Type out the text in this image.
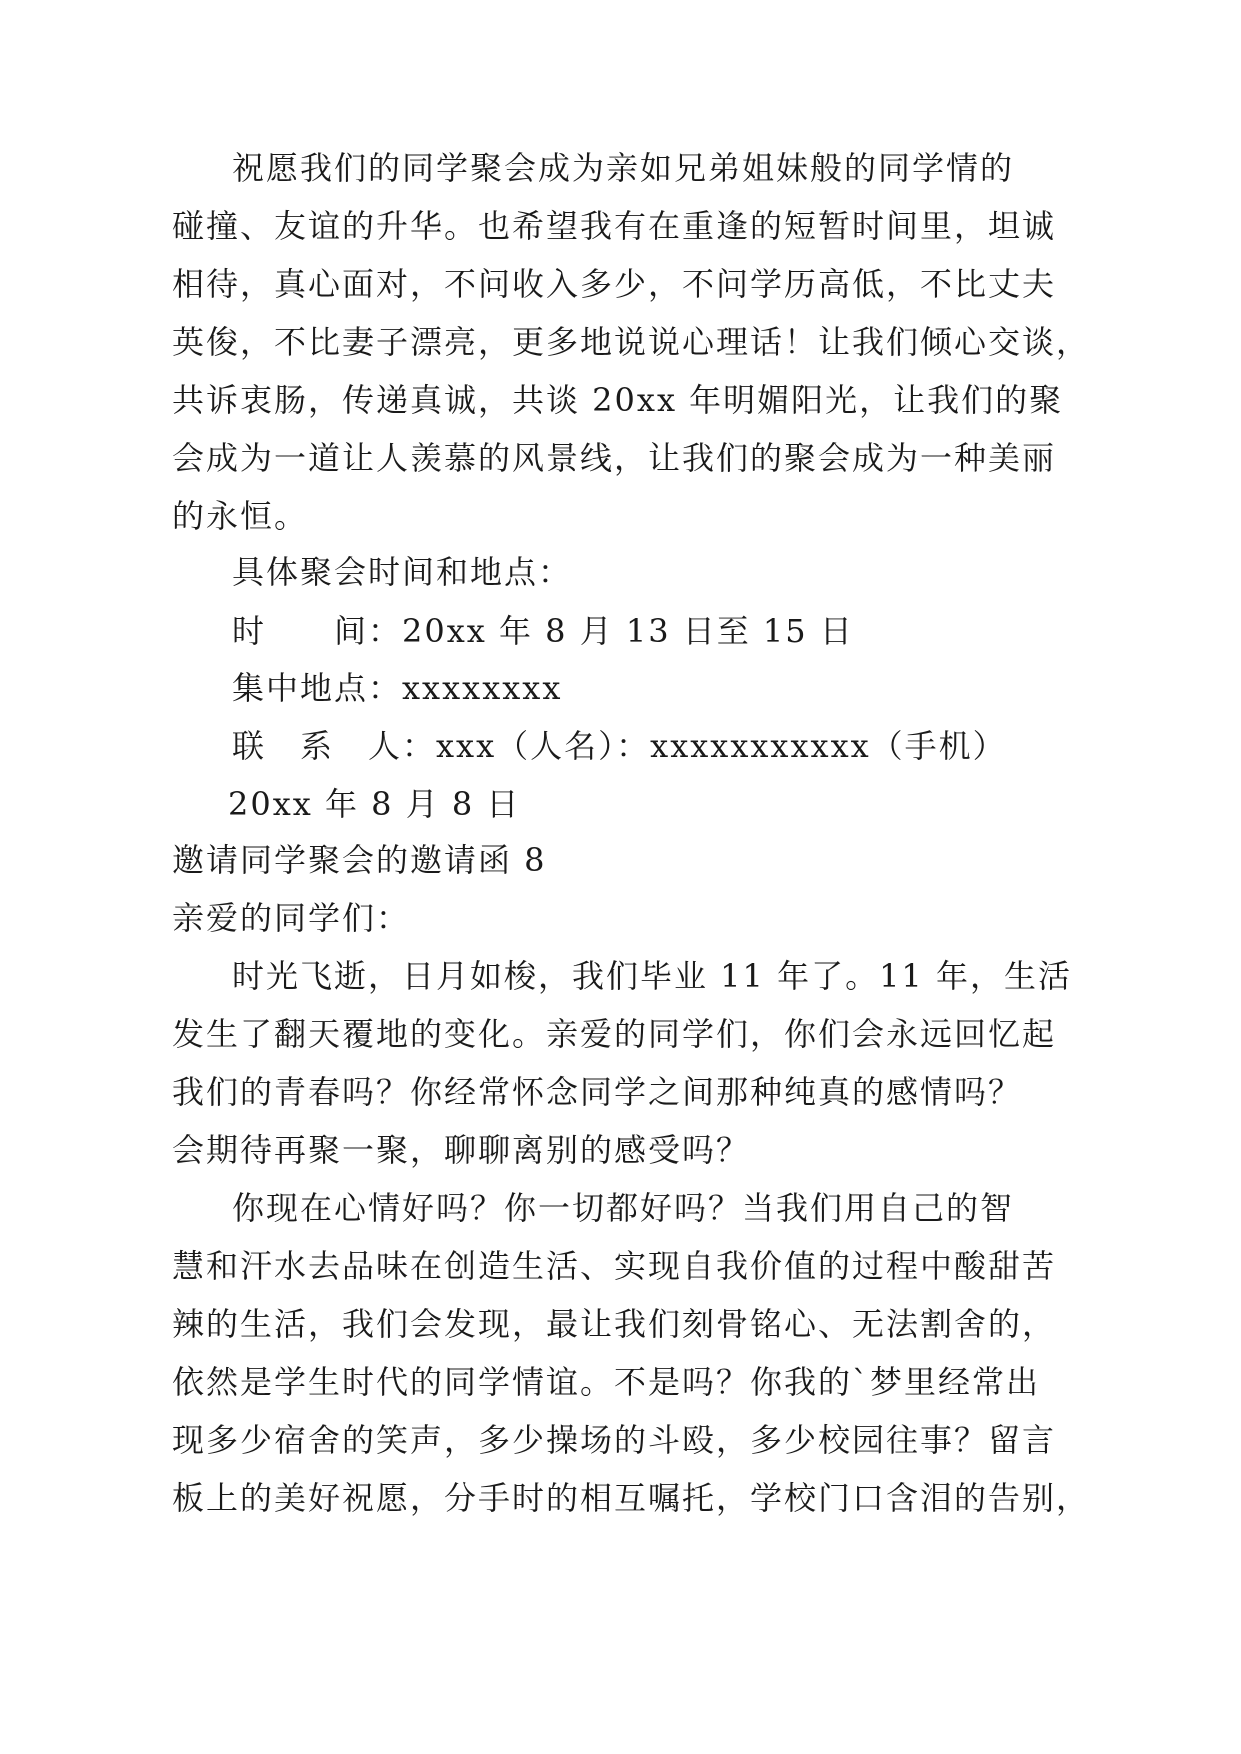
祝愿我们的同学聚会成为亲如兄弟姐妹般的同学情的
碰撞、友谊的升华。也希望我有在重逢的短暂时间里，坦诚
相待，真心面对，不问收入多少，不问学历高低，不比丈夫
英俊，不比妻子漂亮，更多地说说心理话！让我们倾心交谈，
共诉衷肠，传递真诚，共谈 20xx 年明媚阳光，让我们的聚
会成为一道让人羡慕的风景线，让我们的聚会成为一种美丽
的永恒。
具体聚会时间和地点：
时　　间：20xx 年 8 月 13 日至 15 日
集中地点：xxxxxxxx
联　系　人：xxx（人名）：xxxxxxxxxxx（手机）
20xx 年 8 月 8 日
邀请同学聚会的邀请函 8
亲爱的同学们：
时光飞逝，日月如梭，我们毕业 11 年了。11 年，生活
发生了翻天覆地的变化。亲爱的同学们，你们会永远回忆起
我们的青春吗？你经常怀念同学之间那种纯真的感情吗？
会期待再聚一聚，聊聊离别的感受吗？
你现在心情好吗？你一切都好吗？当我们用自己的智
慧和汗水去品味在创造生活、实现自我价值的过程中酸甜苦
辣的生活，我们会发现，最让我们刻骨铭心、无法割舍的，
依然是学生时代的同学情谊。不是吗？你我的`梦里经常出
现多少宿舍的笑声，多少操场的斗殴，多少校园往事？留言
板上的美好祝愿，分手时的相互嘱托，学校门口含泪的告别，
